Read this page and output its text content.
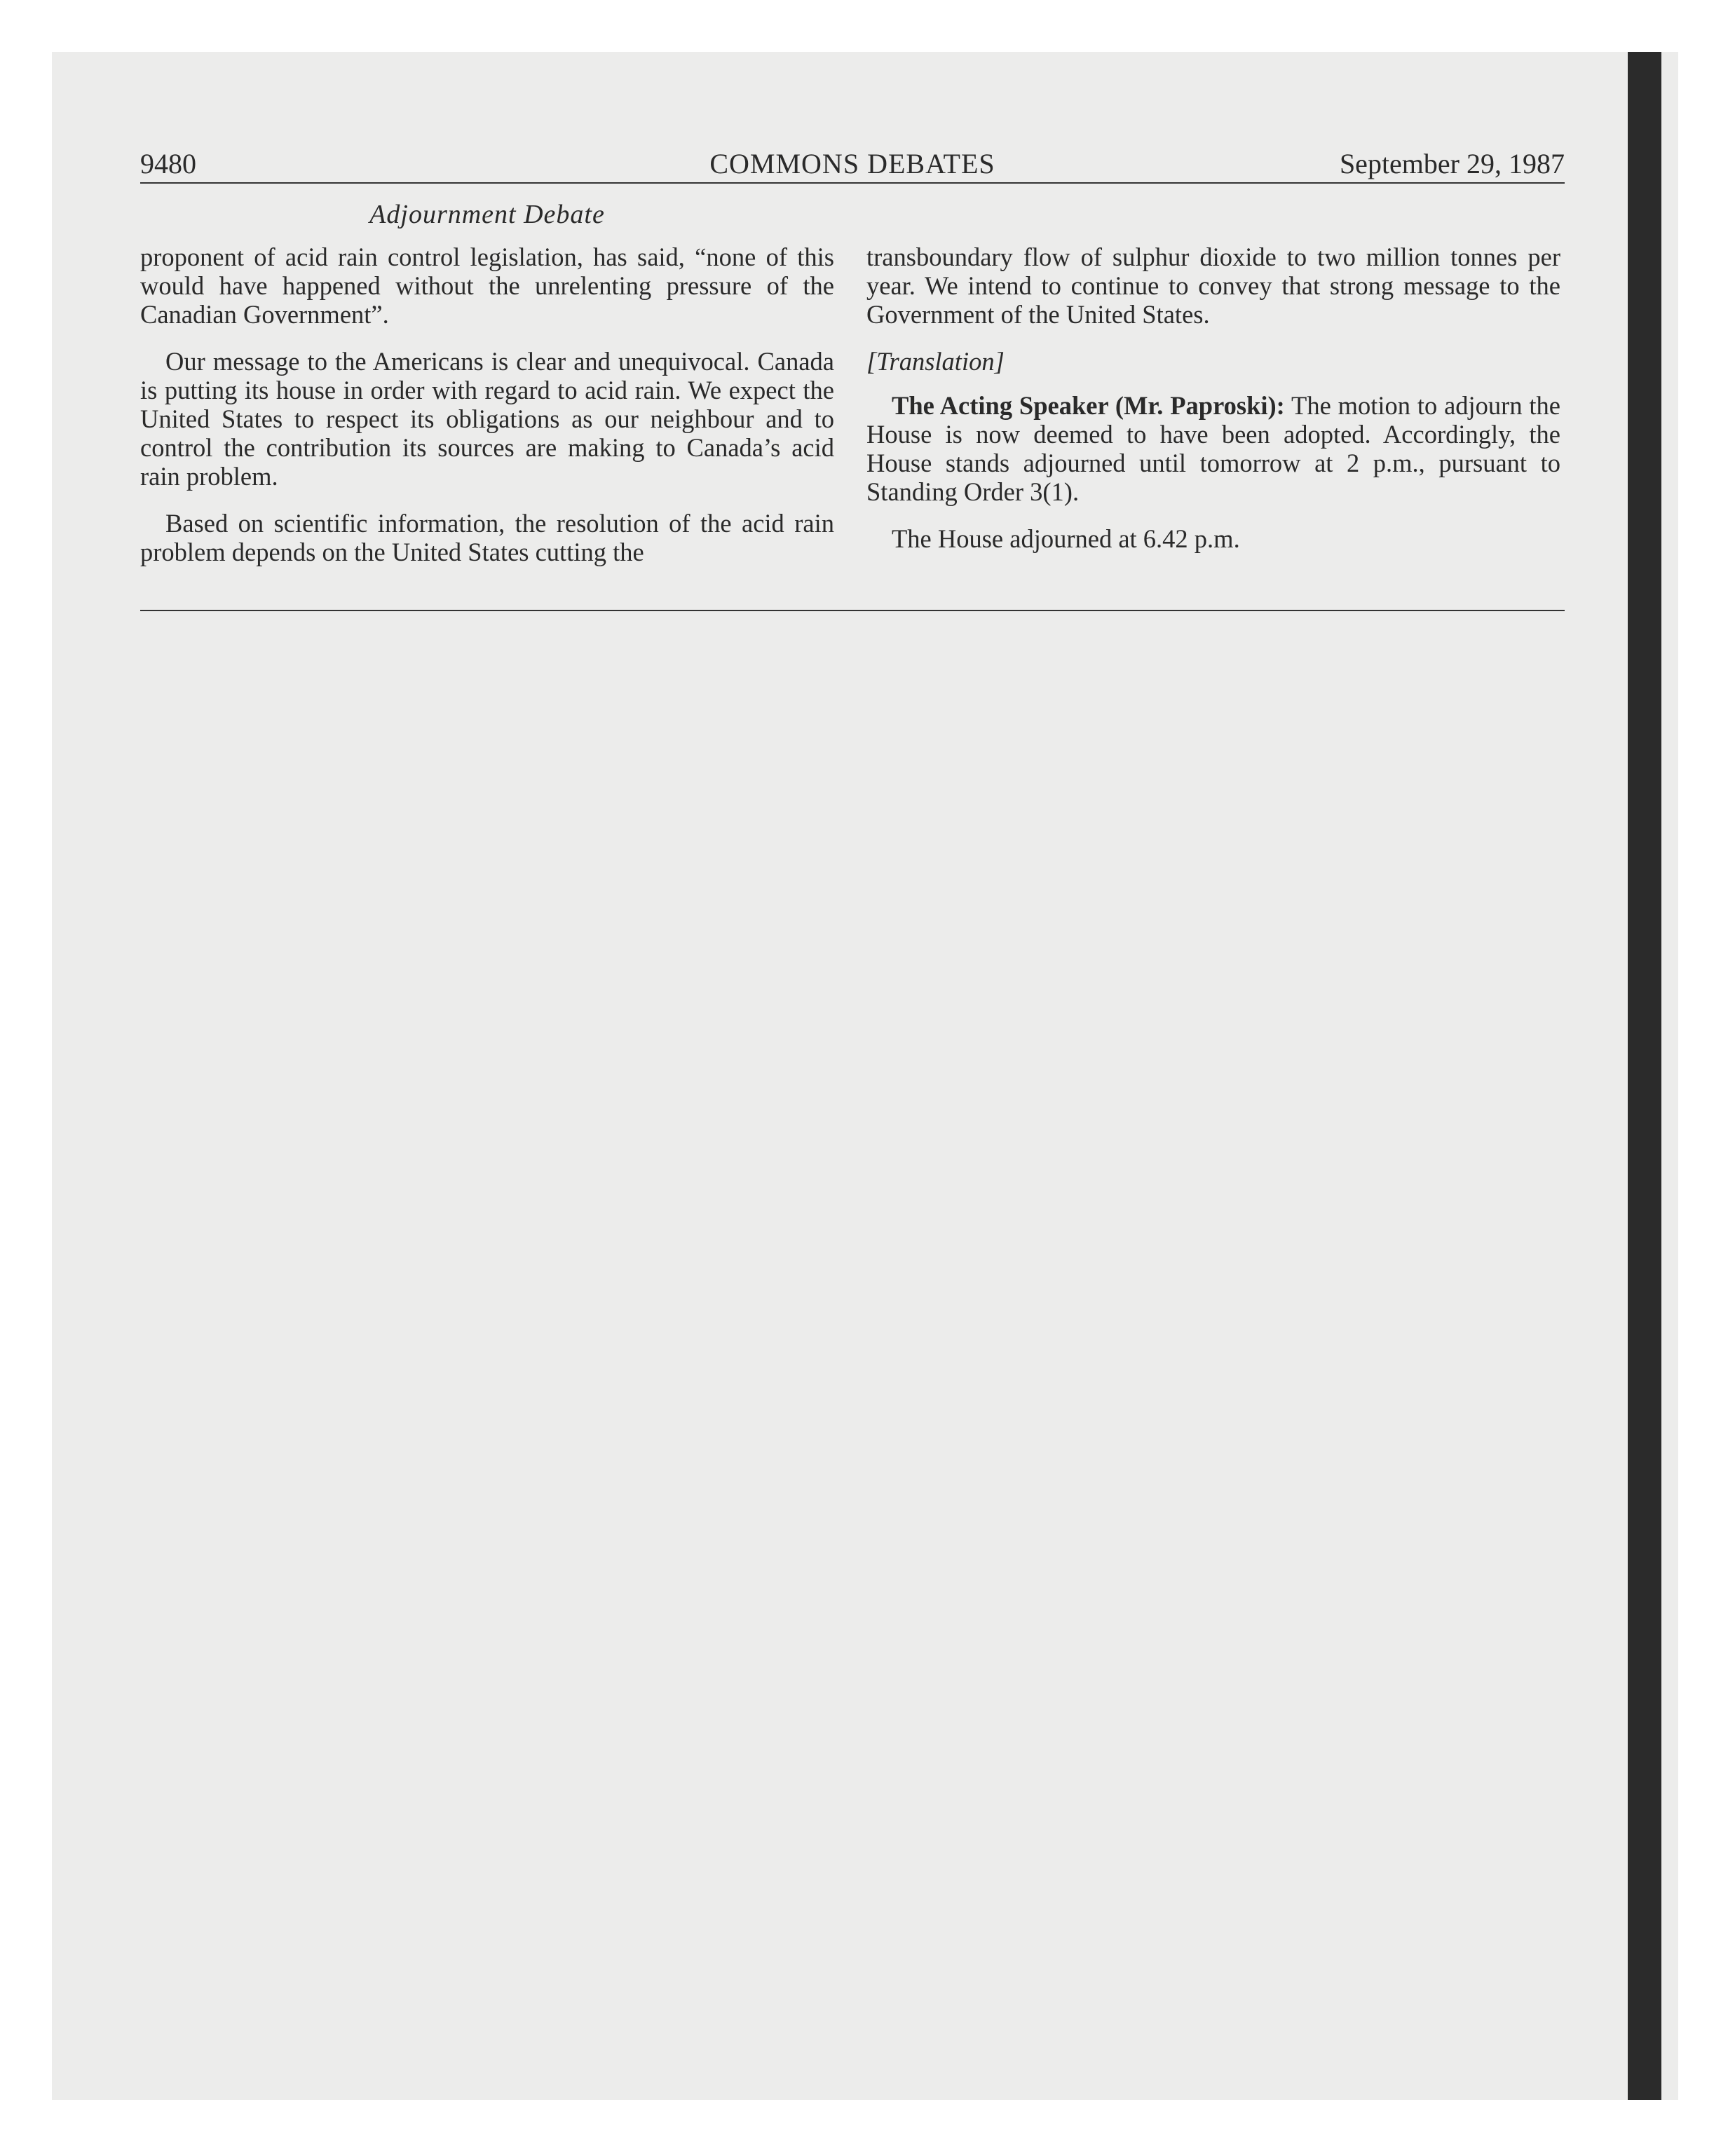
9480	COMMONS DEBATES	September 29, 1987
Adjournment Debate

proponent of acid rain control legislation, has said, “none of this would have happened without the unrelenting pressure of the Canadian Government”.

Our message to the Americans is clear and unequivocal. Canada is putting its house in order with regard to acid rain. We expect the United States to respect its obligations as our neighbour and to control the contribution its sources are making to Canada’s acid rain problem.

Based on scientific information, the resolution of the acid rain problem depends on the United States cutting the

transboundary flow of sulphur dioxide to two million tonnes per year. We intend to continue to convey that strong message to the Government of the United States.

[Translation]

The Acting Speaker (Mr. Paproski): The motion to adjourn the House is now deemed to have been adopted. Accordingly, the House stands adjourned until tomorrow at 2 p.m., pursuant to Standing Order 3(1).

The House adjourned at 6.42 p.m.
